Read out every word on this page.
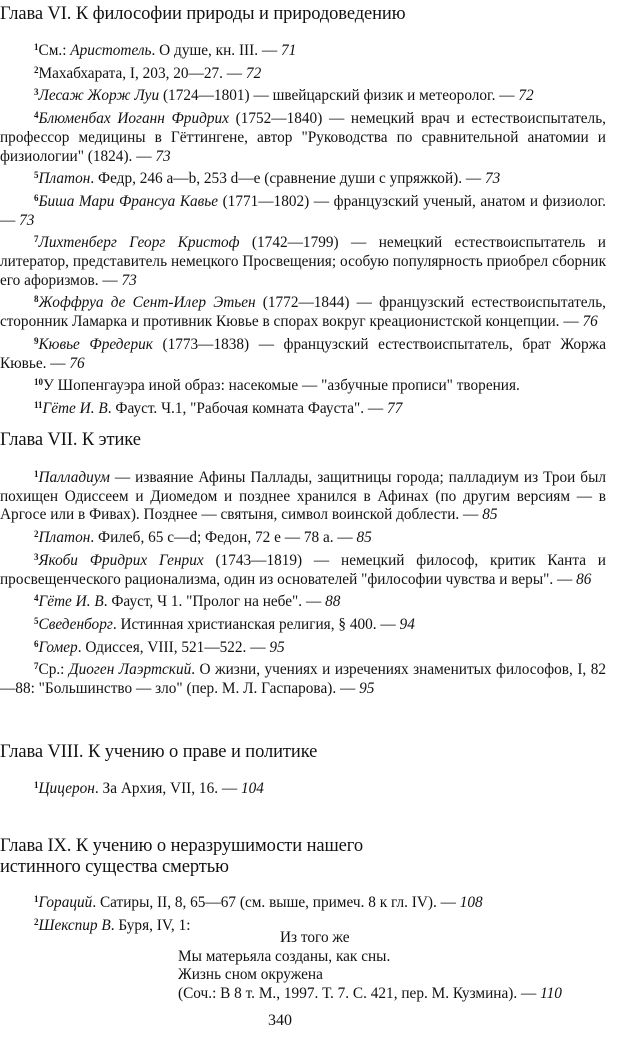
Глава VI. К философии природы и природоведению

$^1$См.: Аристотель. О душе, кн. III. — 71

$^2$Махабхарата, I, 203, 20—27. — 72

$^3$Лесаж Жорж Луи (1724—1801) — швейцарский физик и метеоролог. — 72

$^4$Блюменбах Иоганн Фридрих (1752—1840) — немецкий врач и естествоиспытатель, профессор медицины в Гёттингене, автор "Руководства по сравнительной анатомии и физиологии" (1824). — 73

$^5$Платон. Федр, 246 a—b, 253 d—e (сравнение души с упряжкой). — 73

$^6$Биша Мари Франсуа Кавье (1771—1802) — французский ученый, анатом и физиолог. — 73

$^7$Лихтенберг Георг Кристоф (1742—1799) — немецкий естествоиспытатель и литератор, представитель немецкого Просвещения; особую популярность приобрел сборник его афоризмов. — 73

$^8$Жоффруа де Сент-Илер Этьен (1772—1844) — французский естествоиспытатель, сторонник Ламарка и противник Кювье в спорах вокруг креационистской концепции. — 76

$^9$Кювье Фредерик (1773—1838) — французский естествоиспытатель, брат Жоржа Кювье. — 76

$^{10}$У Шопенгауэра иной образ: насекомые — "азбучные прописи" творения.

$^{11}$Гёте И. В. Фауст. Ч.1, "Рабочая комната Фауста". — 77

Глава VII. К этике

$^1$Палладиум — изваяние Афины Паллады, защитницы города; палладиум из Трои был похищен Одиссеем и Диомедом и позднее хранился в Афинах (по другим версиям — в Аргосе или в Фивах). Позднее — святыня, символ воинской доблести. — 85

$^2$Платон. Филеб, 65 c—d; Федон, 72 e — 78 a. — 85

$^3$Якоби Фридрих Генрих (1743—1819) — немецкий философ, критик Канта и просвещенческого рационализма, один из основателей "философии чувства и веры". — 86

$^4$Гёте И. В. Фауст, Ч 1. "Пролог на небе". — 88

$^5$Сведенборг. Истинная христианская религия, § 400. — 94

$^6$Гомер. Одиссея, VIII, 521—522. — 95

$^7$Ср.: Диоген Лаэртский. О жизни, учениях и изречениях знаменитых философов, I, 82—88: "Большинство — зло" (пер. М. Л. Гаспарова). — 95

Глава VIII. К учению о праве и политике

$^1$Цицерон. За Архия, VII, 16. — 104

Глава IX. К учению о неразрушимости нашего
истинного существа смертью

$^1$Гораций. Сатиры, II, 8, 65—67 (см. выше, примеч. 8 к гл. IV). — 108

$^2$Шекспир В. Буря, IV, 1:

Из того же

Мы матерьяла созданы, как сны.

Жизнь сном окружена

(Соч.: В 8 т. М., 1997. Т. 7. С. 421, пер. М. Кузмина). — 110

340
